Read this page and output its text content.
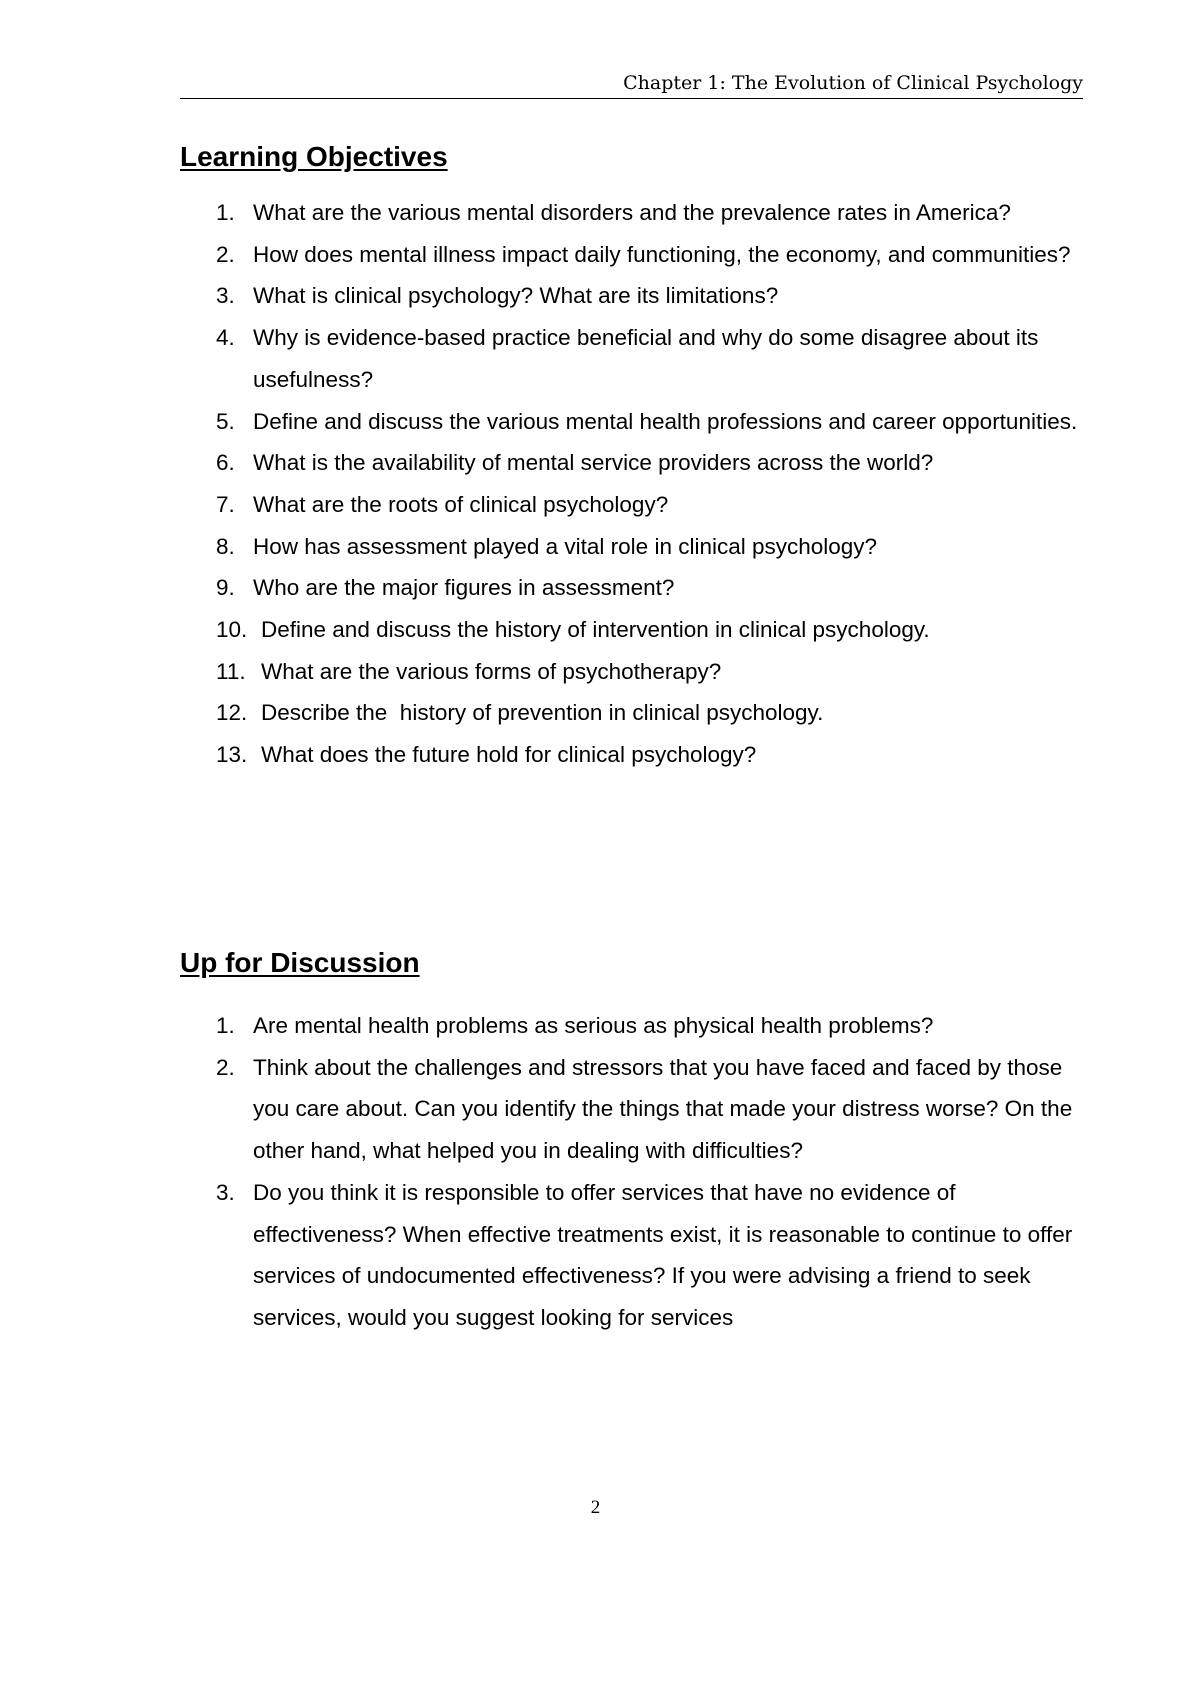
Chapter 1: The Evolution of Clinical Psychology
Learning Objectives
1. What are the various mental disorders and the prevalence rates in America?
2. How does mental illness impact daily functioning, the economy, and communities?
3. What is clinical psychology? What are its limitations?
4. Why is evidence-based practice beneficial and why do some disagree about its usefulness?
5. Define and discuss the various mental health professions and career opportunities.
6. What is the availability of mental service providers across the world?
7. What are the roots of clinical psychology?
8. How has assessment played a vital role in clinical psychology?
9. Who are the major figures in assessment?
10. Define and discuss the history of intervention in clinical psychology.
11. What are the various forms of psychotherapy?
12. Describe the  history of prevention in clinical psychology.
13. What does the future hold for clinical psychology?
Up for Discussion
1. Are mental health problems as serious as physical health problems?
2. Think about the challenges and stressors that you have faced and faced by those you care about. Can you identify the things that made your distress worse? On the other hand, what helped you in dealing with difficulties?
3. Do you think it is responsible to offer services that have no evidence of effectiveness? When effective treatments exist, it is reasonable to continue to offer services of undocumented effectiveness? If you were advising a friend to seek services, would you suggest looking for services
2
